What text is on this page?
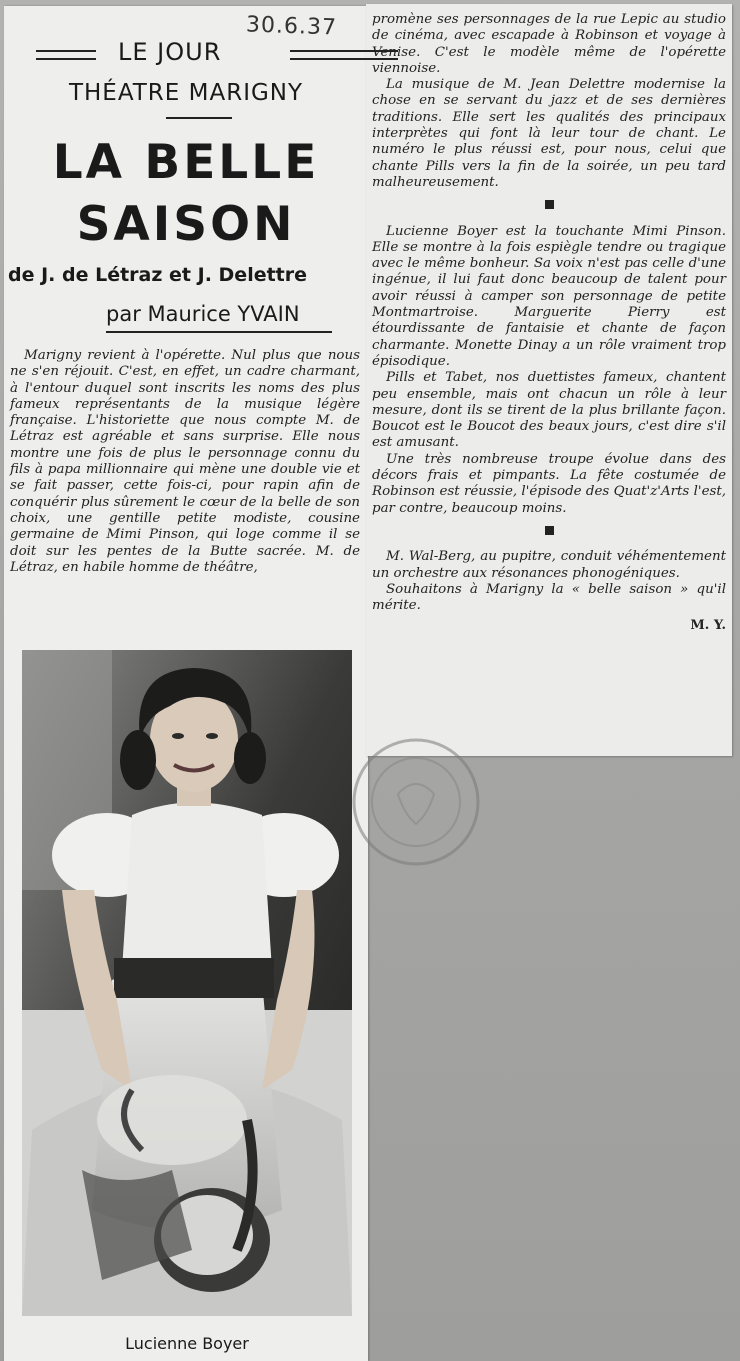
30.6.37
LE JOUR
THÉATRE MARIGNY
LA BELLE
SAISON
de J. de Létraz et J. Delettre
par Maurice YVAIN

Marigny revient à l'opérette. Nul plus que nous ne s'en réjouit. C'est, en effet, un cadre charmant, à l'entour duquel sont inscrits les noms des plus fameux représentants de la musique légère française. L'historiette que nous compte M. de Létraz est agréable et sans surprise. Elle nous montre une fois de plus le personnage connu du fils à papa millionnaire qui mène une double vie et se fait passer, cette fois-ci, pour rapin afin de conquérir plus sûrement le cœur de la belle de son choix, une gentille petite modiste, cousine germaine de Mimi Pinson, qui loge comme il se doit sur les pentes de la Butte sacrée. M. de Létraz, en habile homme de théâtre,

promène ses personnages de la rue Lepic au studio de cinéma, avec escapade à Robinson et voyage à Venise. C'est le modèle même de l'opérette viennoise.

La musique de M. Jean Delettre modernise la chose en se servant du jazz et de ses dernières traditions. Elle sert les qualités des principaux interprètes qui font là leur tour de chant. Le numéro le plus réussi est, pour nous, celui que chante Pills vers la fin de la soirée, un peu tard malheureusement.

Lucienne Boyer est la touchante Mimi Pinson. Elle se montre à la fois espiègle tendre ou tragique avec le même bonheur. Sa voix n'est pas celle d'une ingénue, il lui faut donc beaucoup de talent pour avoir réussi à camper son personnage de petite Montmartroise. Marguerite Pierry est étourdissante de fantaisie et chante de façon charmante. Monette Dinay a un rôle vraiment trop épisodique.

Pills et Tabet, nos duettistes fameux, chantent peu ensemble, mais ont chacun un rôle à leur mesure, dont ils se tirent de la plus brillante façon. Boucot est le Boucot des beaux jours, c'est dire s'il est amusant.

Une très nombreuse troupe évolue dans des décors frais et pimpants. La fête costumée de Robinson est réussie, l'épisode des Quat'z'Arts l'est, par contre, beaucoup moins.

M. Wal-Berg, au pupitre, conduit véhémentement un orchestre aux résonances phonogéniques.

Souhaitons à Marigny la « belle saison » qu'il mérite.

M. Y.
Lucienne Boyer
